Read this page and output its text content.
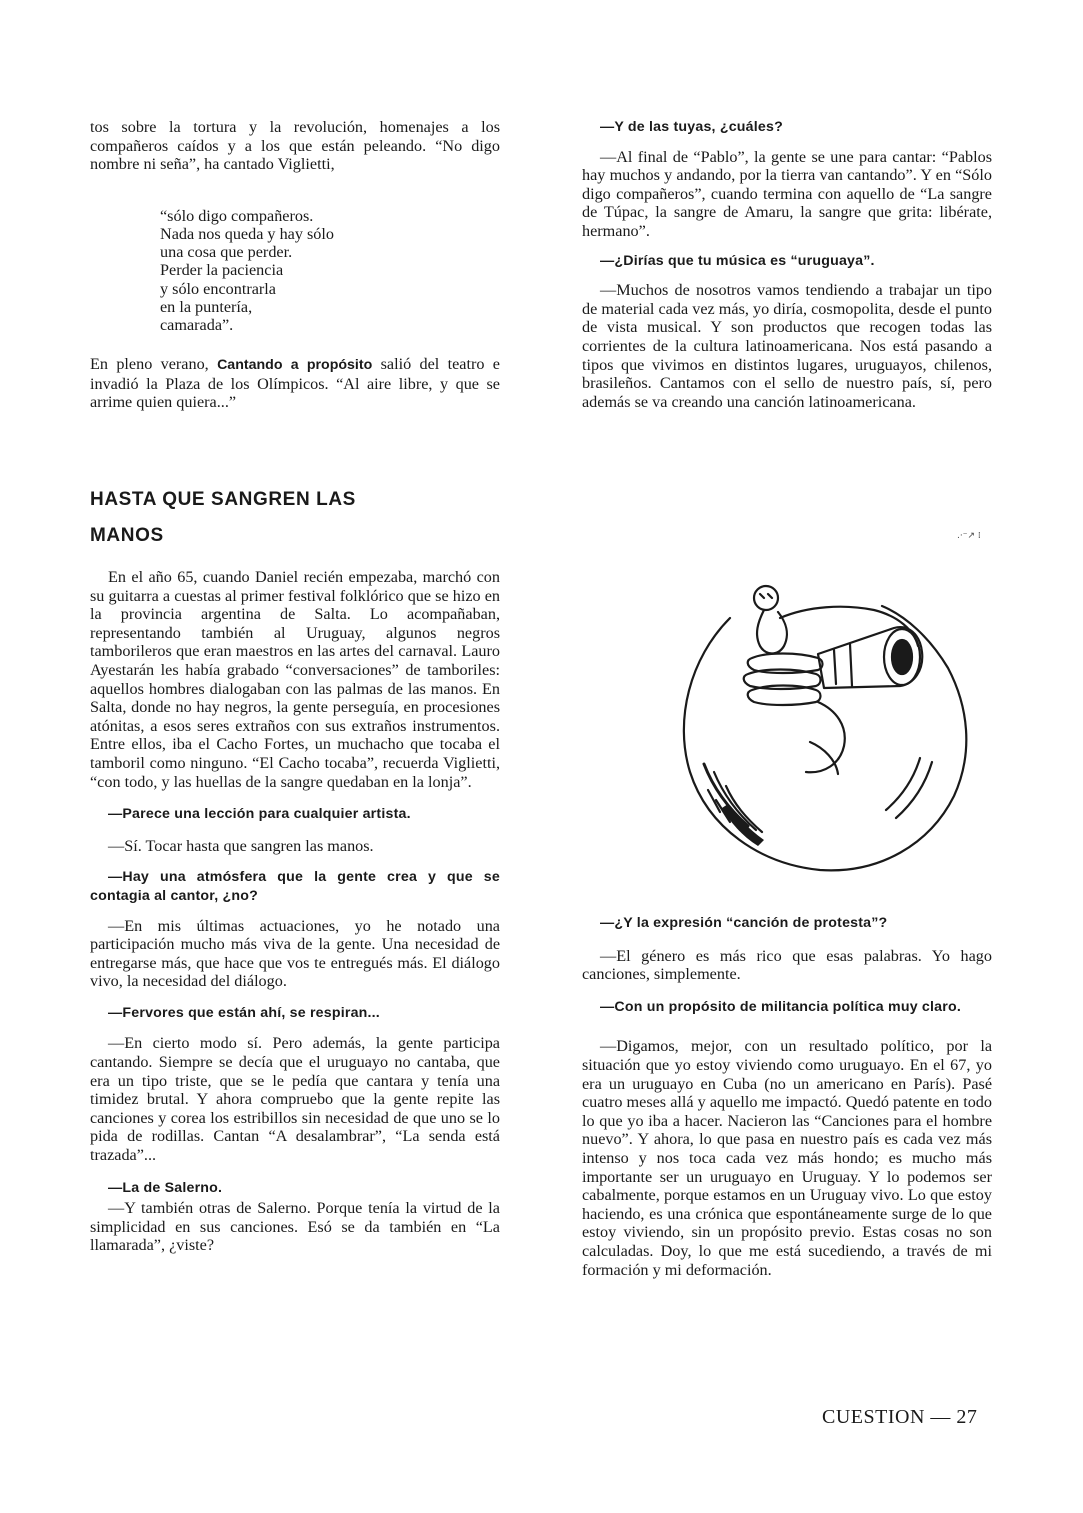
tos sobre la tortura y la revolución, homenajes a los compañeros caídos y a los que están peleando. “No digo nombre ni seña”, ha cantado Viglietti,

“sólo digo compañeros.
Nada nos queda y hay sólo
una cosa que perder.
Perder la paciencia
y sólo encontrarla
en la puntería,
camarada”.

En pleno verano, Cantando a propósito salió del teatro e invadió la Plaza de los Olímpicos. “Al aire libre, y que se arrime quien quiera...”

HASTA QUE SANGREN LAS
MANOS

En el año 65, cuando Daniel recién empezaba, marchó con su guitarra a cuestas al primer festival folklórico que se hizo en la provincia argentina de Salta. Lo acompañaban, representando también al Uruguay, algunos negros tamborileros que eran maestros en las artes del carnaval. Lauro Ayestarán les había grabado “conversaciones” de tamboriles: aquellos hombres dialogaban con las palmas de las manos. En Salta, donde no hay negros, la gente perseguía, en procesiones atónitas, a esos seres extraños con sus extraños instrumentos. Entre ellos, iba el Cacho Fortes, un muchacho que tocaba el tamboril como ninguno. “El Cacho tocaba”, recuerda Viglietti, “con todo, y las huellas de la sangre quedaban en la lonja”.

—Parece una lección para cualquier artista.

—Sí. Tocar hasta que sangren las manos.

—Hay una atmósfera que la gente crea y que se contagia al cantor, ¿no?

—En mis últimas actuaciones, yo he notado una participación mucho más viva de la gente. Una necesidad de entregarse más, que hace que vos te entregués más. El diálogo vivo, la necesidad del diálogo.

—Fervores que están ahí, se respiran...

—En cierto modo sí. Pero además, la gente participa cantando. Siempre se decía que el uruguayo no cantaba, que era un tipo triste, que se le pedía que cantara y tenía una timidez brutal. Y ahora compruebo que la gente repite las canciones y corea los estribillos sin necesidad de que uno se lo pida de rodillas. Cantan “A desalambrar”, “La senda está trazada”...

—La de Salerno.

—Y también otras de Salerno. Porque tenía la virtud de la simplicidad en sus canciones. Esó se da también en “La llamarada”, ¿viste?

—Y de las tuyas, ¿cuáles?

—Al final de “Pablo”, la gente se une para cantar: “Pablos hay muchos y andando, por la tierra van cantando”. Y en “Sólo digo compañeros”, cuando termina con aquello de “La sangre de Túpac, la sangre de Amaru, la sangre que grita: libérate, hermano”.

—¿Dirías que tu música es “uruguaya”.

—Muchos de nosotros vamos tendiendo a trabajar un tipo de material cada vez más, yo diría, cosmopolita, desde el punto de vista musical. Y son productos que recogen todas las corrientes de la cultura latinoamericana. Nos está pasando a tipos que vivimos en distintos lugares, uruguayos, chilenos, brasileños. Cantamos con el sello de nuestro país, sí, pero además se va creando una canción latinoamericana.

.·⁻↗ ⁞

—¿Y la expresión “canción de protesta”?

—El género es más rico que esas palabras. Yo hago canciones, simplemente.

—Con un propósito de militancia política muy claro.

—Digamos, mejor, con un resultado político, por la situación que yo estoy viviendo como uruguayo. En el 67, yo era un uruguayo en Cuba (no un americano en París). Pasé cuatro meses allá y aquello me impactó. Quedó patente en todo lo que yo iba a hacer. Nacieron las “Canciones para el hombre nuevo”. Y ahora, lo que pasa en nuestro país es cada vez más intenso y nos toca cada vez más hondo; es mucho más importante ser un uruguayo en Uruguay. Y lo podemos ser cabalmente, porque estamos en un Uruguay vivo. Lo que estoy haciendo, es una crónica que espontáneamente surge de lo que estoy viviendo, sin un propósito previo. Estas cosas no son calculadas. Doy, lo que me está sucediendo, a través de mi formación y mi deformación.

CUESTION — 27
